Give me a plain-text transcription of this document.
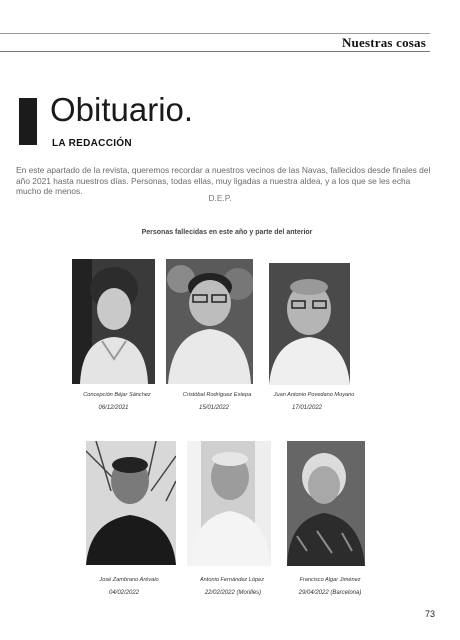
Nuestras cosas
Obituario.
LA REDACCIÓN
En este apartado de la revista, queremos recordar a nuestros vecinos de las Navas, fallecidos desde finales del año 2021 hasta nuestros días. Personas, todas ellas, muy ligadas a nuestra aldea, y a los que se les echa mucho de menos.
D.E.P.
Personas fallecidas en este año y parte del anterior
Concepción Béjar Sánchez
06/12/2021
Cristóbal Rodríguez Estepa
15/01/2022
Juan Antonio Povedano Moyano
17/01/2022
José Zambrano Arévalo
04/02/2022
Antonio Fernández López
22/02/2022 (Morilles)
Francisco Algar Jiménez
29/04/2022 (Barcelona)
73
